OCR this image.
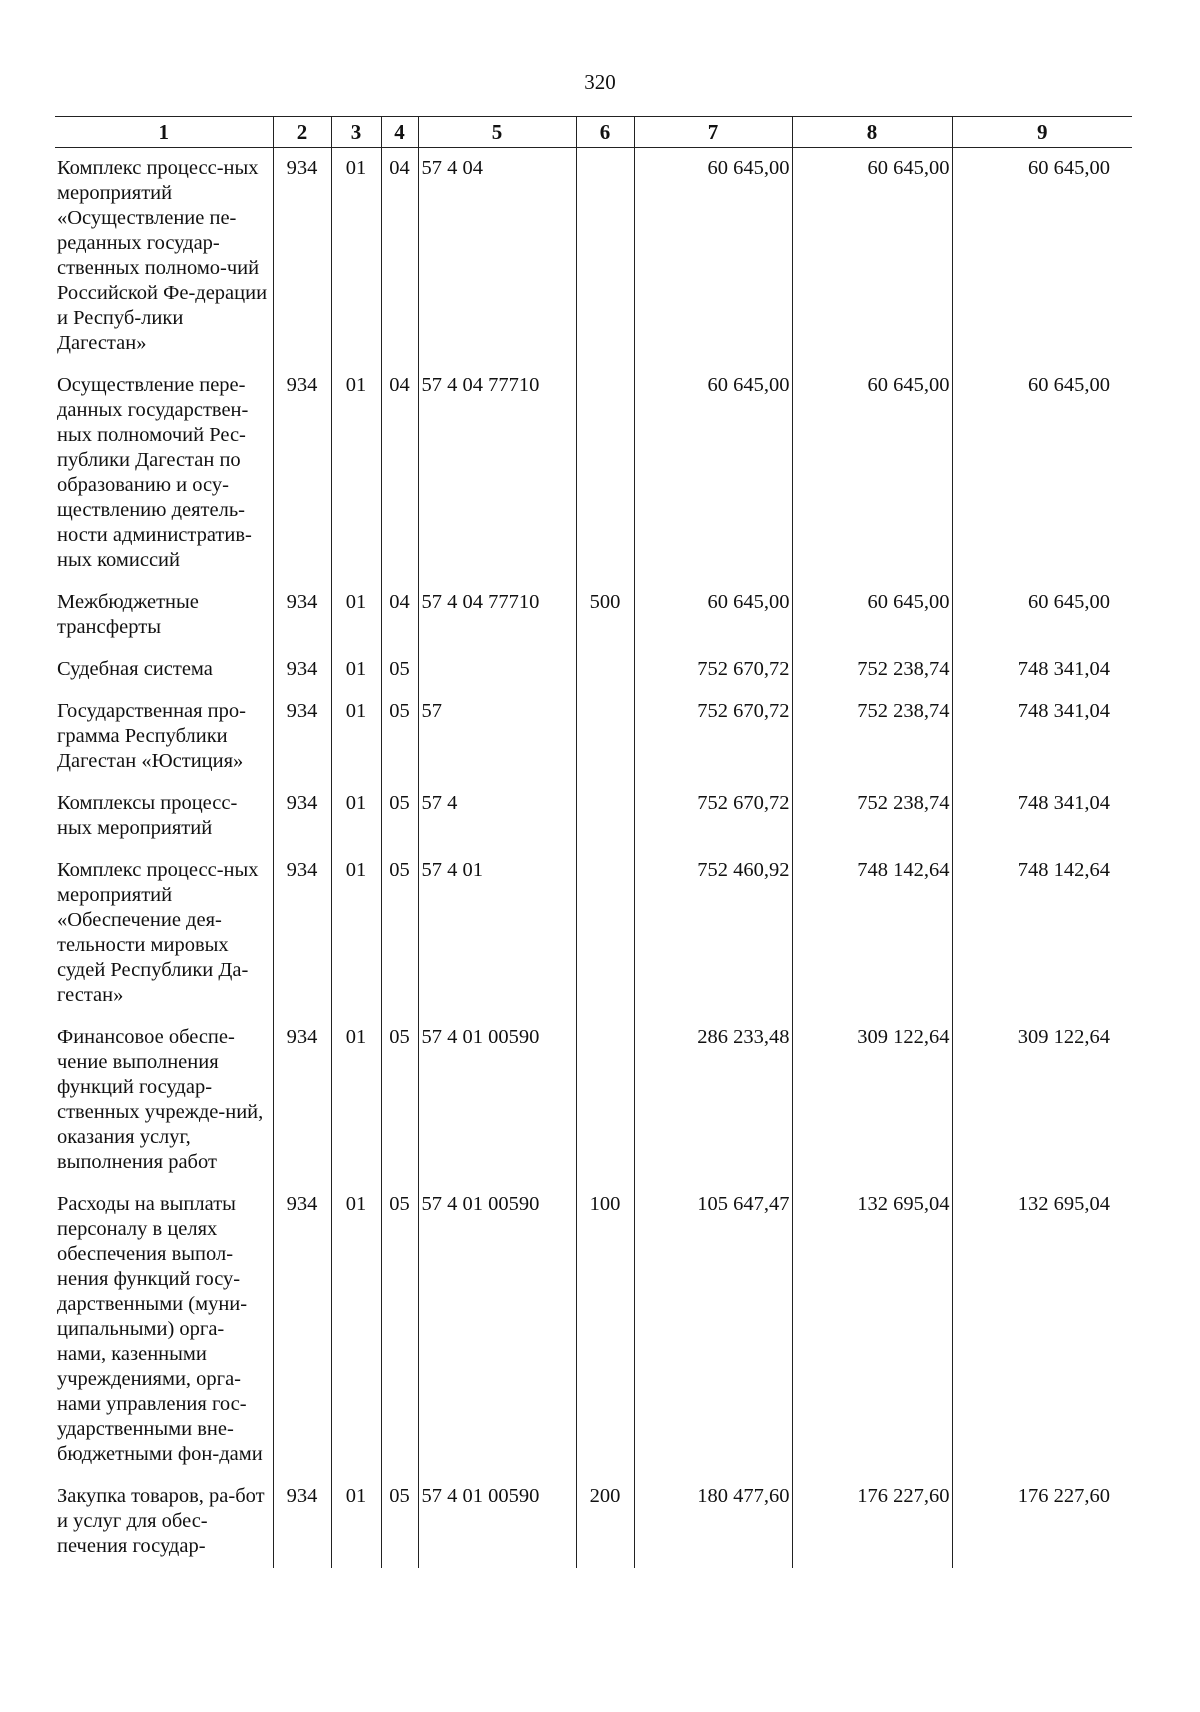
320
1	2	3	4	5	6	7	8	9
Комплекс процесс-ных мероприятий «Осуществление пе-реданных государ-ственных полномо-чий Российской Фе-дерации и Респуб-лики Дагестан»	934	01	04	57 4 04		60 645,00	60 645,00	60 645,00
Осуществление пере-данных государствен-ных полномочий Рес-публики Дагестан по образованию и осу-ществлению деятель-ности административ-ных комиссий	934	01	04	57 4 04 77710		60 645,00	60 645,00	60 645,00
Межбюджетные трансферты	934	01	04	57 4 04 77710	500	60 645,00	60 645,00	60 645,00
Судебная система	934	01	05			752 670,72	752 238,74	748 341,04
Государственная про-грамма Республики Дагестан «Юстиция»	934	01	05	57		752 670,72	752 238,74	748 341,04
Комплексы процесс-ных мероприятий	934	01	05	57 4		752 670,72	752 238,74	748 341,04
Комплекс процесс-ных мероприятий «Обеспечение дея-тельности мировых судей Республики Да-гестан»	934	01	05	57 4 01		752 460,92	748 142,64	748 142,64
Финансовое обеспе-чение выполнения функций государ-ственных учрежде-ний, оказания услуг, выполнения работ	934	01	05	57 4 01 00590		286 233,48	309 122,64	309 122,64
Расходы на выплаты персоналу в целях обеспечения выпол-нения функций госу-дарственными (муни-ципальными) орга-нами, казенными учреждениями, орга-нами управления гос-ударственными вне-бюджетными фон-дами	934	01	05	57 4 01 00590	100	105 647,47	132 695,04	132 695,04
Закупка товаров, ра-бот и услуг для обес-печения государ-	934	01	05	57 4 01 00590	200	180 477,60	176 227,60	176 227,60
